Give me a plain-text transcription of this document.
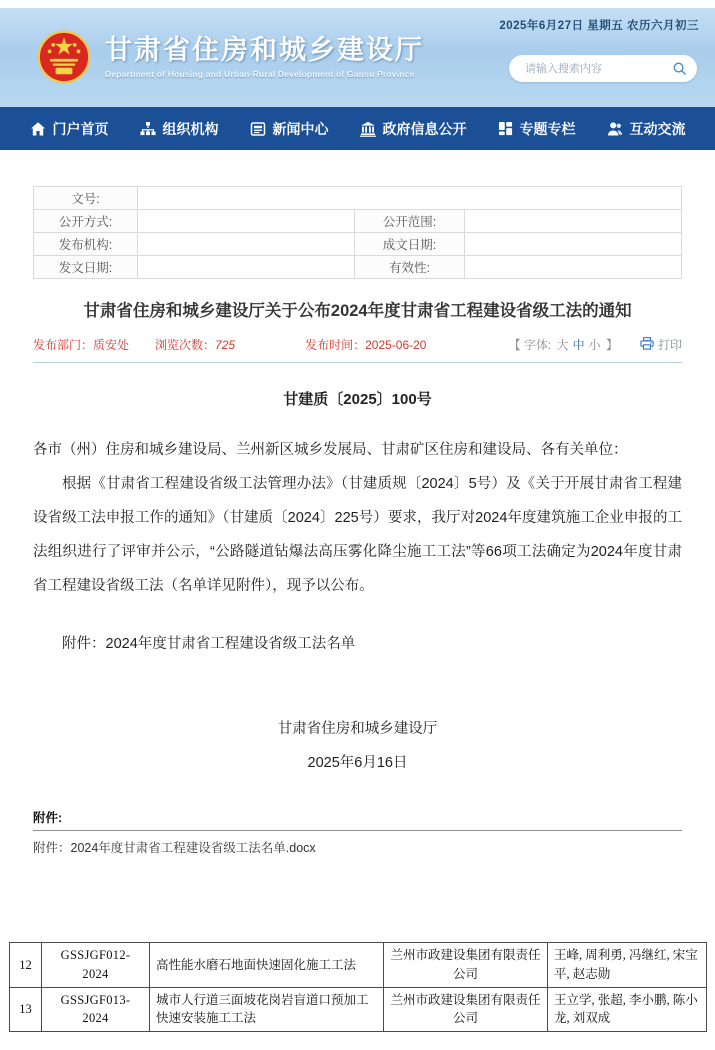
2025年6月27日 星期五 农历六月初三
甘肃省住房和城乡建设厅
Department of Housing and Urban-Rural Development of Gansu Province
请输入搜索内容
门户首页	组织机构	新闻中心	政府信息公开	专题专栏	互动交流
文号:			
公开方式:		公开范围:	
发布机构:		成文日期:	
发文日期:		有效性:	
甘肃省住房和城乡建设厅关于公布2024年度甘肃省工程建设省级工法的通知
发布部门：质安处 浏览次数：725	发布时间：2025-06-20	【 字体: 大 中 小 】	打印
甘建质〔2025〕100号

各市（州）住房和城乡建设局、兰州新区城乡发展局、甘肃矿区住房和建设局、各有关单位：

根据《甘肃省工程建设省级工法管理办法》（甘建质规〔2024〕5号）及《关于开展甘肃省工程建设省级工法申报工作的通知》（甘建质〔2024〕225号）要求，我厅对2024年度建筑施工企业申报的工法组织进行了评审并公示，“公路隧道钻爆法高压雾化降尘施工工法”等66项工法确定为2024年度甘肃省工程建设省级工法（名单详见附件），现予以公布。

附件：2024年度甘肃省工程建设省级工法名单

甘肃省住房和城乡建设厅
2025年6月16日
附件:
附件：2024年度甘肃省工程建设省级工法名单.docx
12	GSSJGF012-2024	高性能水磨石地面快速固化施工工法	兰州市政建设集团有限责任公司	王峰, 周利勇, 冯继红, 宋宝平, 赵志勋
13	GSSJGF013-2024	城市人行道三面坡花岗岩盲道口预加工快速安装施工工法	兰州市政建设集团有限责任公司	王立学, 张超, 李小鹏, 陈小龙, 刘双成
